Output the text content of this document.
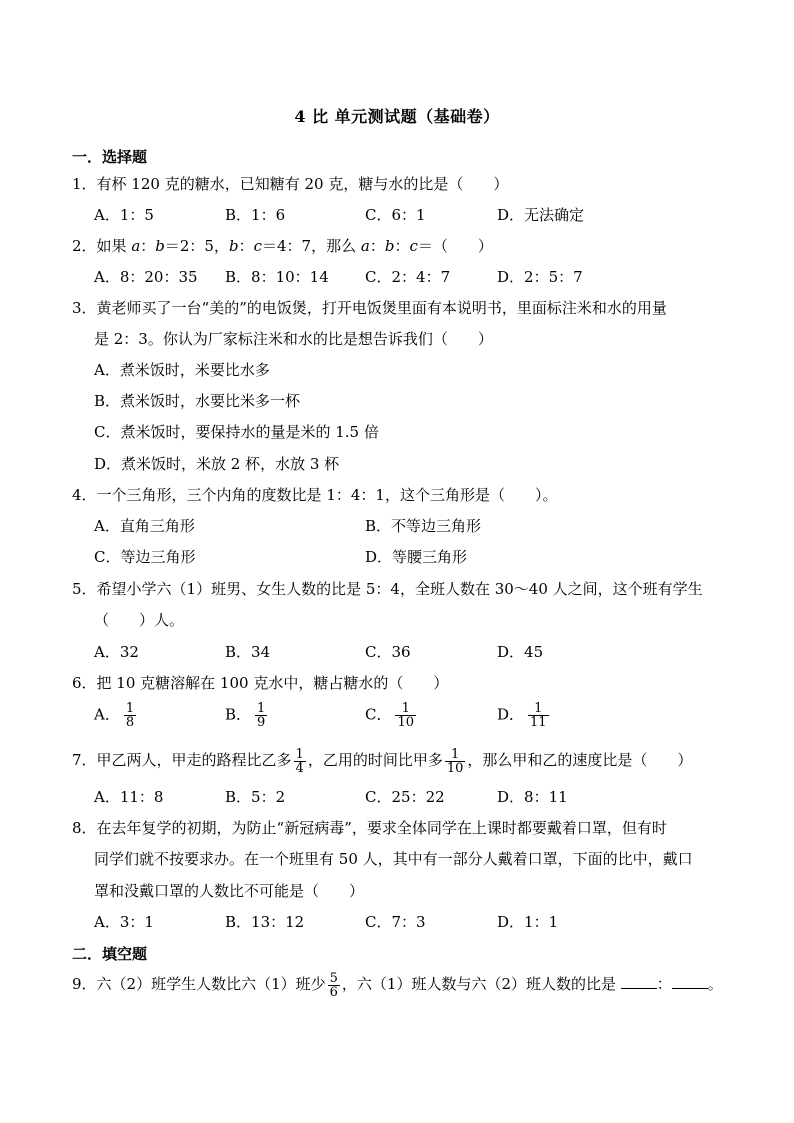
4 比 单元测试题（基础卷）
一．选择题
1．有杯 120 克的糖水，已知糖有 20 克，糖与水的比是（　　）
A．1：5	B．1：6	C．6：1	D．无法确定
2．如果 a：b＝2：5，b：c＝4：7，那么 a：b：c＝（　　）
A．8：20：35 B．8：10：14 C．2：4：7	D．2：5：7
3．黄老师买了一台“美的”的电饭煲，打开电饭煲里面有本说明书，里面标注米和水的用量
是 2：3。你认为厂家标注米和水的比是想告诉我们（　　）
A．煮米饭时，米要比水多
B．煮米饭时，水要比米多一杯
C．煮米饭时，要保持水的量是米的 1.5 倍
D．煮米饭时，米放 2 杯，水放 3 杯
4．一个三角形，三个内角的度数比是 1：4：1，这个三角形是（　　）。
A．直角三角形	B．不等边三角形
C．等边三角形	D．等腰三角形
5．希望小学六（1）班男、女生人数的比是 5：4，全班人数在 30～40 人之间，这个班有学生
（　　）人。
A．32	B．34	C．36	D．45
6．把 10 克糖溶解在 100 克水中，糖占糖水的（　　）
A． $\frac{1}{8}$	B． $\frac{1}{9}$	C． $\frac{1}{10}$	D． $\frac{1}{11}$
7．甲乙两人，甲走的路程比乙多 $\frac{1}{4}$ ，乙用的时间比甲多 $\frac{1}{10}$ ，那么甲和乙的速度比是（　　）
A．11：8	B．5：2	C．25：22	D．8：11
8．在去年复学的初期，为防止“新冠病毒”，要求全体同学在上课时都要戴着口罩，但有时
同学们就不按要求办。在一个班里有 50 人，其中有一部分人戴着口罩，下面的比中，戴口
罩和没戴口罩的人数比不可能是（　　）
A．3：1	B．13：12	C．7：3	D．1：1
二．填空题
9．六（2）班学生人数比六（1）班少 $\frac{5}{6}$ ，六（1）班人数与六（2）班人数的比是 ： 。
